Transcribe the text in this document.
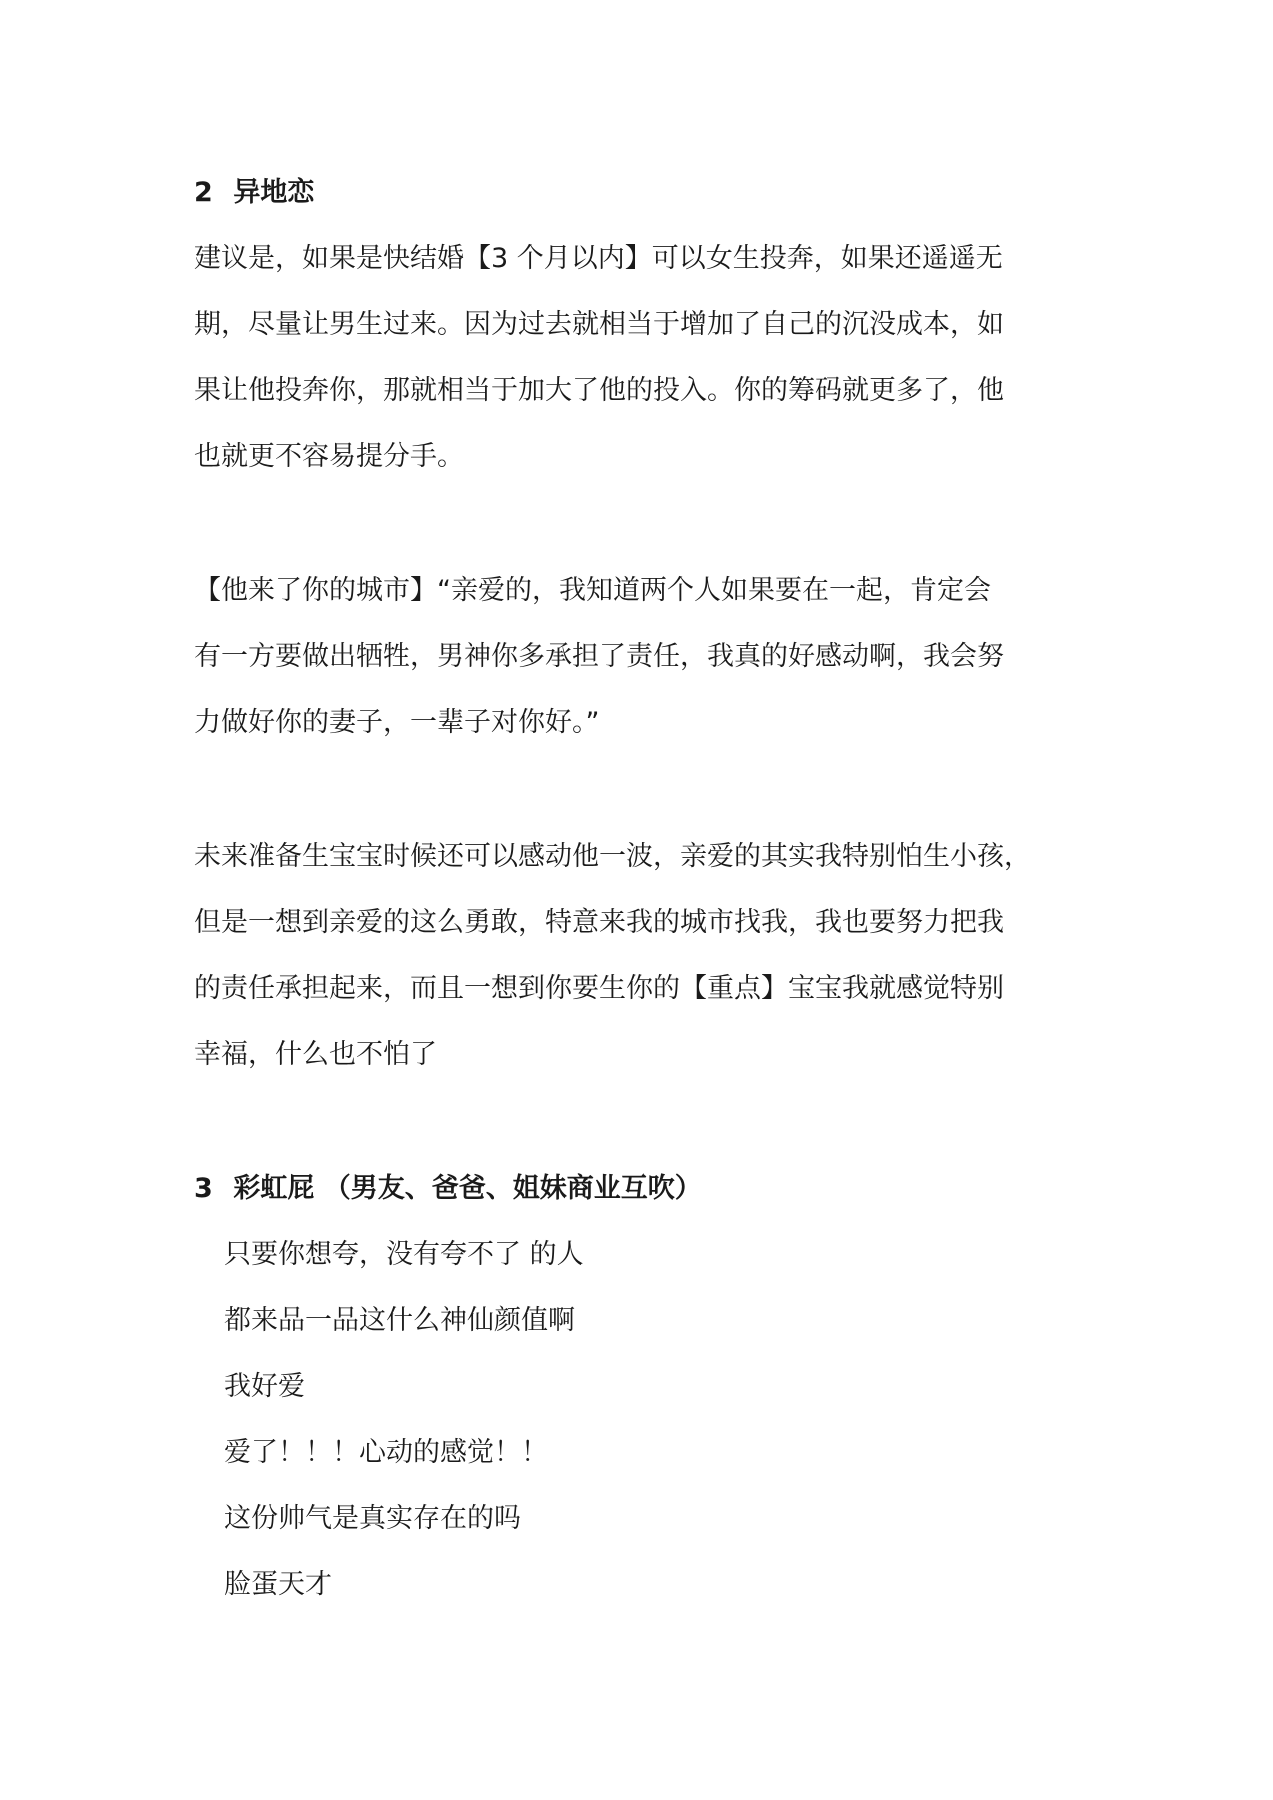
2 异地恋

建议是，如果是快结婚【3 个月以内】可以女生投奔，如果还遥遥无
期，尽量让男生过来。因为过去就相当于增加了自己的沉没成本，如
果让他投奔你，那就相当于加大了他的投入。你的筹码就更多了，他
也就更不容易提分手。

【他来了你的城市】“亲爱的，我知道两个人如果要在一起，肯定会
有一方要做出牺牲，男神你多承担了责任，我真的好感动啊，我会努
力做好你的妻子，一辈子对你好。”

未来准备生宝宝时候还可以感动他一波，亲爱的其实我特别怕生小孩，
但是一想到亲爱的这么勇敢，特意来我的城市找我，我也要努力把我
的责任承担起来，而且一想到你要生你的【重点】宝宝我就感觉特别
幸福，什么也不怕了

3 彩虹屁 （男友、爸爸、姐妹商业互吹）
只要你想夸，没有夸不了 的人
都来品一品这什么神仙颜值啊
我好爱
爱了！！！心动的感觉！！
这份帅气是真实存在的吗
脸蛋天才
